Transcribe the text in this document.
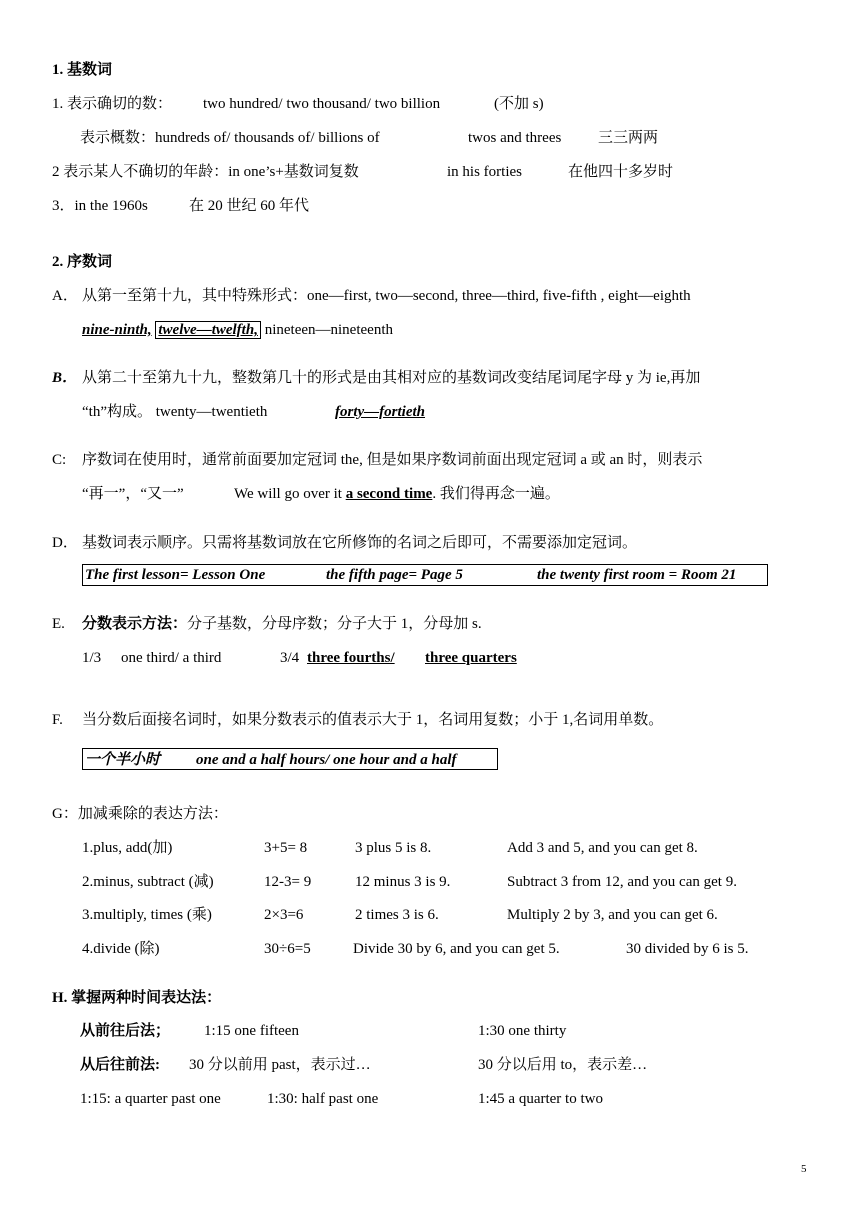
1. 基数词
1. 表示确切的数： two hundred/ two thousand/ two billion	(不加 s)
表示概数：hundreds of/ thousands of/ billions of	twos and threes 三三两两
2 表示某人不确切的年龄：in one’s+基数词复数	in his forties	在他四十多岁时
3．in the 1960s	在 20 世纪 60 年代
2. 序数词
A． 从第一至第十九，其中特殊形式：one—first, two—second, three—third, five-fifth , eight—eighth
nine-ninth, twelve—twelfth, nineteen—nineteenth
B． 从第二十至第九十九，整数第几十的形式是由其相对应的基数词改变结尾词尾字母 y 为 ie,再加
“th”构成。 twenty—twentieth	forty—fortieth
C: 序数词在使用时，通常前面要加定冠词 the, 但是如果序数词前面出现定冠词 a 或 an 时，则表示
“再一”，“又一”	We will go over it a second time. 我们得再念一遍。
D． 基数词表示顺序。只需将基数词放在它所修饰的名词之后即可，不需要添加定冠词。
The first lesson= Lesson One	the fifth page= Page 5	the twenty first room = Room 21
E. 分数表示方法：分子基数，分母序数；分子大于 1，分母加 s.
1/3 one third/ a third	3/4 three fourths/ three quarters
F. 当分数后面接名词时，如果分数表示的值表示大于 1，名词用复数；小于 1,名词用单数。
一个半小时 one and a half hours/ one hour and a half
G：加减乘除的表达方法：
1.plus, add(加)	3+5= 8	3 plus 5 is 8.	Add 3 and 5, and you can get 8.
2.minus, subtract (减)	12-3= 9	12 minus 3 is 9.	Subtract 3 from 12, and you can get 9.
3.multiply, times (乘)	2×3=6	2 times 3 is 6.	Multiply 2 by 3, and you can get 6.
4.divide (除)	30÷6=5	Divide 30 by 6, and you can get 5.	30 divided by 6 is 5.
H. 掌握两种时间表达法：
从前往后法； 1:15 one fifteen	1:30 one thirty
从后往前法: 30 分以前用 past，表示过…	30 分以后用 to，表示差…
1:15: a quarter past one	1:30: half past one	1:45 a quarter to two
5
